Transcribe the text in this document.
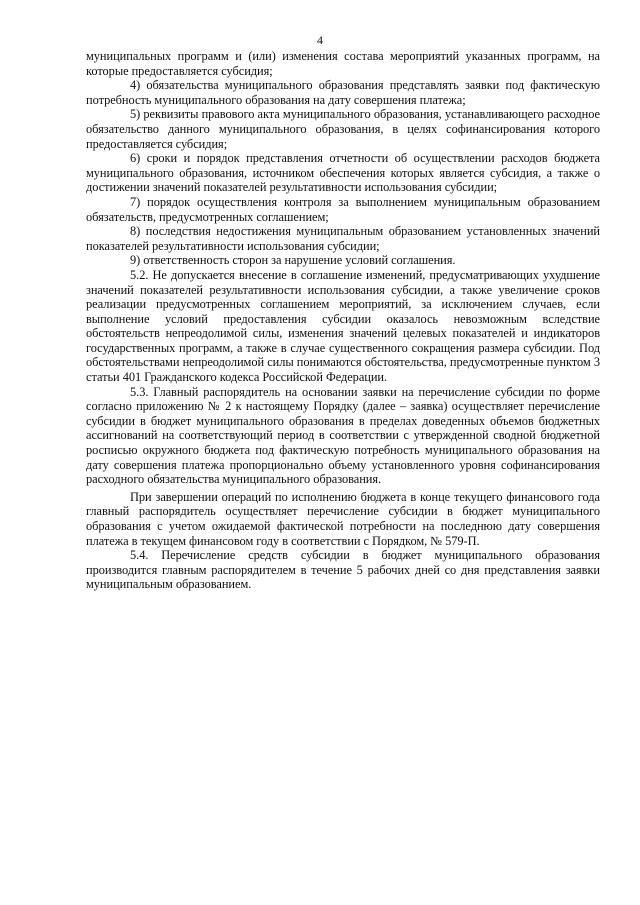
4

муниципальных программ и (или) изменения состава мероприятий указанных программ, на которые предоставляется субсидия;

4) обязательства муниципального образования представлять заявки под фактическую потребность муниципального образования на дату совершения платежа;

5) реквизиты правового акта муниципального образования, устанавливающего расходное обязательство данного муниципального образования, в целях софинансирования которого предоставляется субсидия;

6) сроки и порядок представления отчетности об осуществлении расходов бюджета муниципального образования, источником обеспечения которых является субсидия, а также о достижении значений показателей результативности использования субсидии;

7) порядок осуществления контроля за выполнением муниципальным образованием обязательств, предусмотренных соглашением;

8) последствия недостижения муниципальным образованием установленных значений показателей результативности использования субсидии;

9) ответственность сторон за нарушение условий соглашения.

5.2. Не допускается внесение в соглашение изменений, предусматривающих ухудшение значений показателей результативности использования субсидии, а также увеличение сроков реализации предусмотренных соглашением мероприятий, за исключением случаев, если выполнение условий предоставления субсидии оказалось невозможным вследствие обстоятельств непреодолимой силы, изменения значений целевых показателей и индикаторов государственных программ, а также в случае существенного сокращения размера субсидии. Под обстоятельствами непреодолимой силы понимаются обстоятельства, предусмотренные пунктом 3 статьи 401 Гражданского кодекса Российской Федерации.

5.3. Главный распорядитель на основании заявки на перечисление субсидии по форме согласно приложению № 2 к настоящему Порядку (далее – заявка) осуществляет перечисление субсидии в бюджет муниципального образования в пределах доведенных объемов бюджетных ассигнований на соответствующий период в соответствии с утвержденной сводной бюджетной росписью окружного бюджета под фактическую потребность муниципального образования на дату совершения платежа пропорционально объему установленного уровня софинансирования расходного обязательства муниципального образования.

При завершении операций по исполнению бюджета в конце текущего финансового года главный распорядитель осуществляет перечисление субсидии в бюджет муниципального образования с учетом ожидаемой фактической потребности на последнюю дату совершения платежа в текущем финансовом году в соответствии с Порядком, № 579-П.

5.4. Перечисление средств субсидии в бюджет муниципального образования производится главным распорядителем в течение 5 рабочих дней со дня представления заявки муниципальным образованием.
